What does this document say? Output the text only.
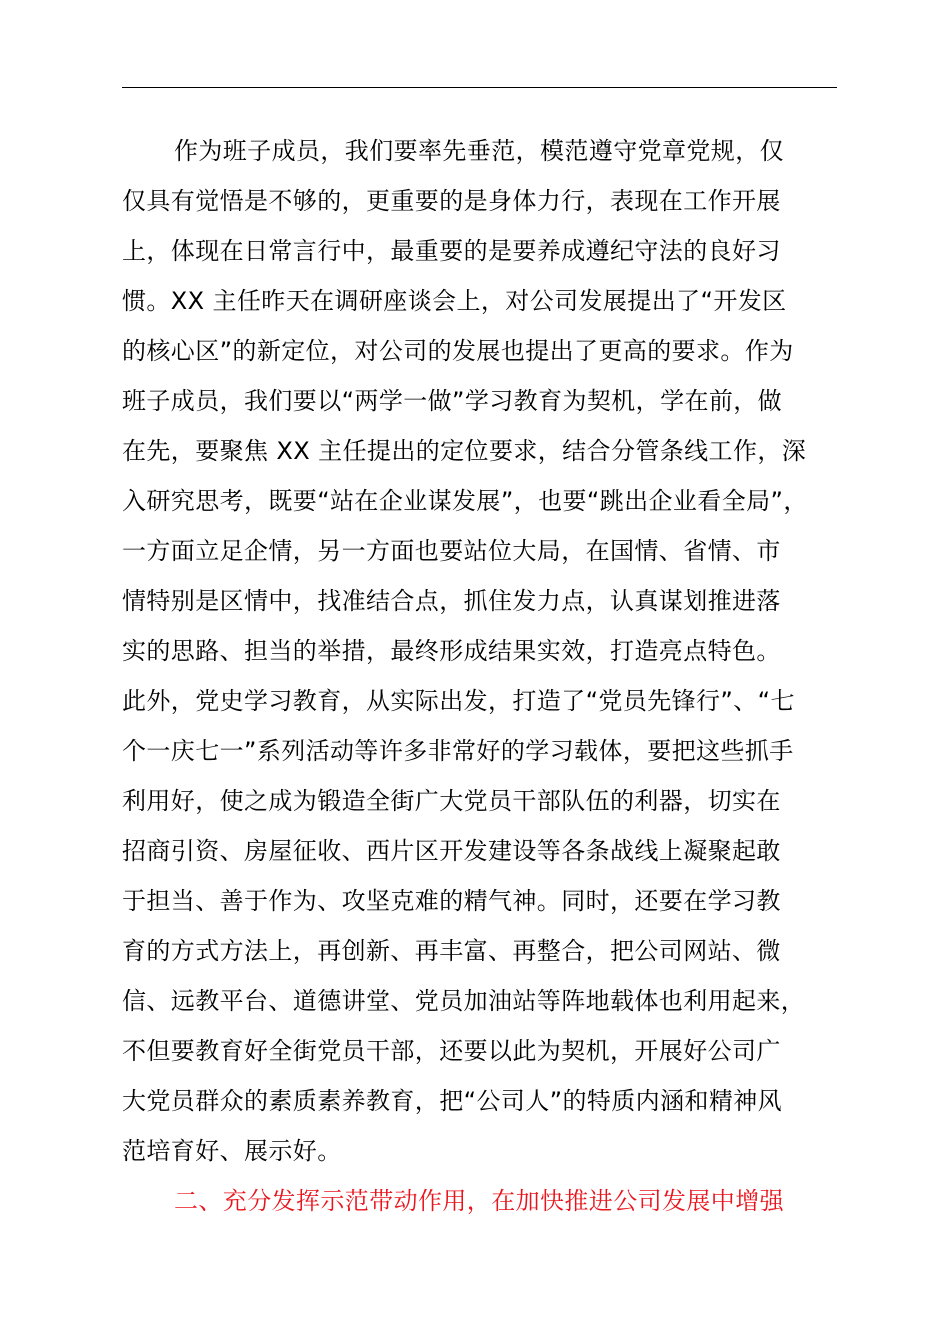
作为班子成员，我们要率先垂范，模范遵守党章党规，仅
仅具有觉悟是不够的，更重要的是身体力行，表现在工作开展
上，体现在日常言行中，最重要的是要养成遵纪守法的良好习
惯。XX 主任昨天在调研座谈会上，对公司发展提出了“开发区
的核心区”的新定位，对公司的发展也提出了更高的要求。作为
班子成员，我们要以“两学一做”学习教育为契机，学在前，做
在先，要聚焦 XX 主任提出的定位要求，结合分管条线工作，深
入研究思考，既要“站在企业谋发展”，也要“跳出企业看全局”，
一方面立足企情，另一方面也要站位大局，在国情、省情、市
情特别是区情中，找准结合点，抓住发力点，认真谋划推进落
实的思路、担当的举措，最终形成结果实效，打造亮点特色。
此外，党史学习教育，从实际出发，打造了“党员先锋行”、“七
个一庆七一”系列活动等许多非常好的学习载体，要把这些抓手
利用好，使之成为锻造全街广大党员干部队伍的利器，切实在
招商引资、房屋征收、西片区开发建设等各条战线上凝聚起敢
于担当、善于作为、攻坚克难的精气神。同时，还要在学习教
育的方式方法上，再创新、再丰富、再整合，把公司网站、微
信、远教平台、道德讲堂、党员加油站等阵地载体也利用起来，
不但要教育好全街党员干部，还要以此为契机，开展好公司广
大党员群众的素质素养教育，把“公司人”的特质内涵和精神风
范培育好、展示好。
二、充分发挥示范带动作用，在加快推进公司发展中增强
